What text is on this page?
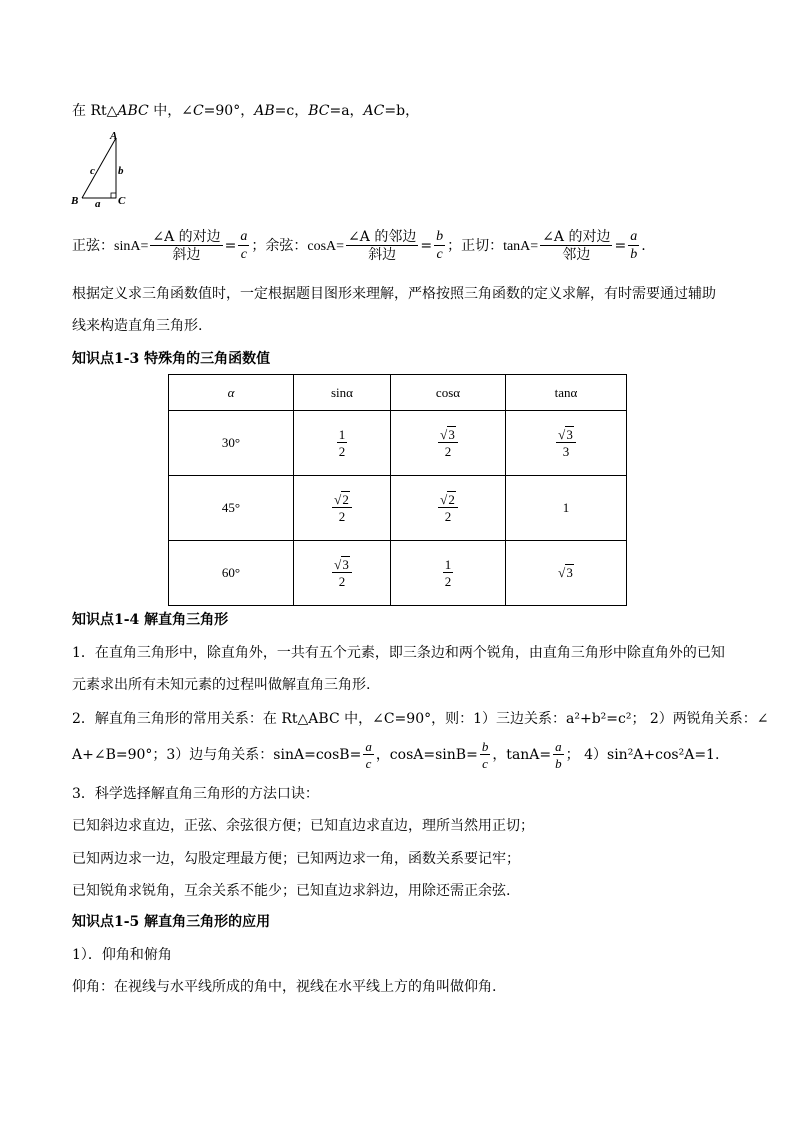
在 Rt△ABC 中，∠C=90°，AB=c，BC=a，AC=b，
A
B	C
a
b
c
正弦：$\sin A= \frac{\text{∠A 的对边}}{\text{斜边}} = \frac{a}{c}$ ；余弦：$\cos A= \frac{\text{∠A 的邻边}}{\text{斜边}} = \frac{b}{c}$ ；正切：$\tan A= \frac{\text{∠A 的对边}}{\text{邻边}} = \frac{a}{b}$ .
根据定义求三角函数值时，一定根据题目图形来理解，严格按照三角函数的定义求解，有时需要通过辅助
线来构造直角三角形.
知识点1-3 特殊角的三角函数值
α	sinα	cosα	tanα
30°	$\frac{1}{2}$	$\frac{√3}{2}$	$\frac{√3}{3}$

45°	$\frac{√2}{2}$	$\frac{√2}{2}$	1
60°	$\frac{√3}{2}$	$\frac{1}{2}$	√3
知识点1-4 解直角三角形
1．在直角三角形中，除直角外，一共有五个元素，即三条边和两个锐角，由直角三角形中除直角外的已知
元素求出所有未知元素的过程叫做解直角三角形.
2．解直角三角形的常用关系：在 Rt△ABC 中，∠C=90°，则：1）三边关系：a²+b²=c²； 2）两锐角关系：∠
A+∠B=90°；3）边与角关系：$\sin A=\cos B= \frac{a}{c}$ ，$\cos A=\sin B= \frac{b}{c}$ ，$\tan A= \frac{a}{b}$ ； 4）sin²A+cos²A=1.
3．科学选择解直角三角形的方法口诀：
已知斜边求直边，正弦、余弦很方便；已知直边求直边，理所当然用正切；
已知两边求一边，勾股定理最方便；已知两边求一角，函数关系要记牢；
已知锐角求锐角，互余关系不能少；已知直边求斜边，用除还需正余弦.
知识点1-5 解直角三角形的应用
1）．仰角和俯角
仰角：在视线与水平线所成的角中，视线在水平线上方的角叫做仰角.
